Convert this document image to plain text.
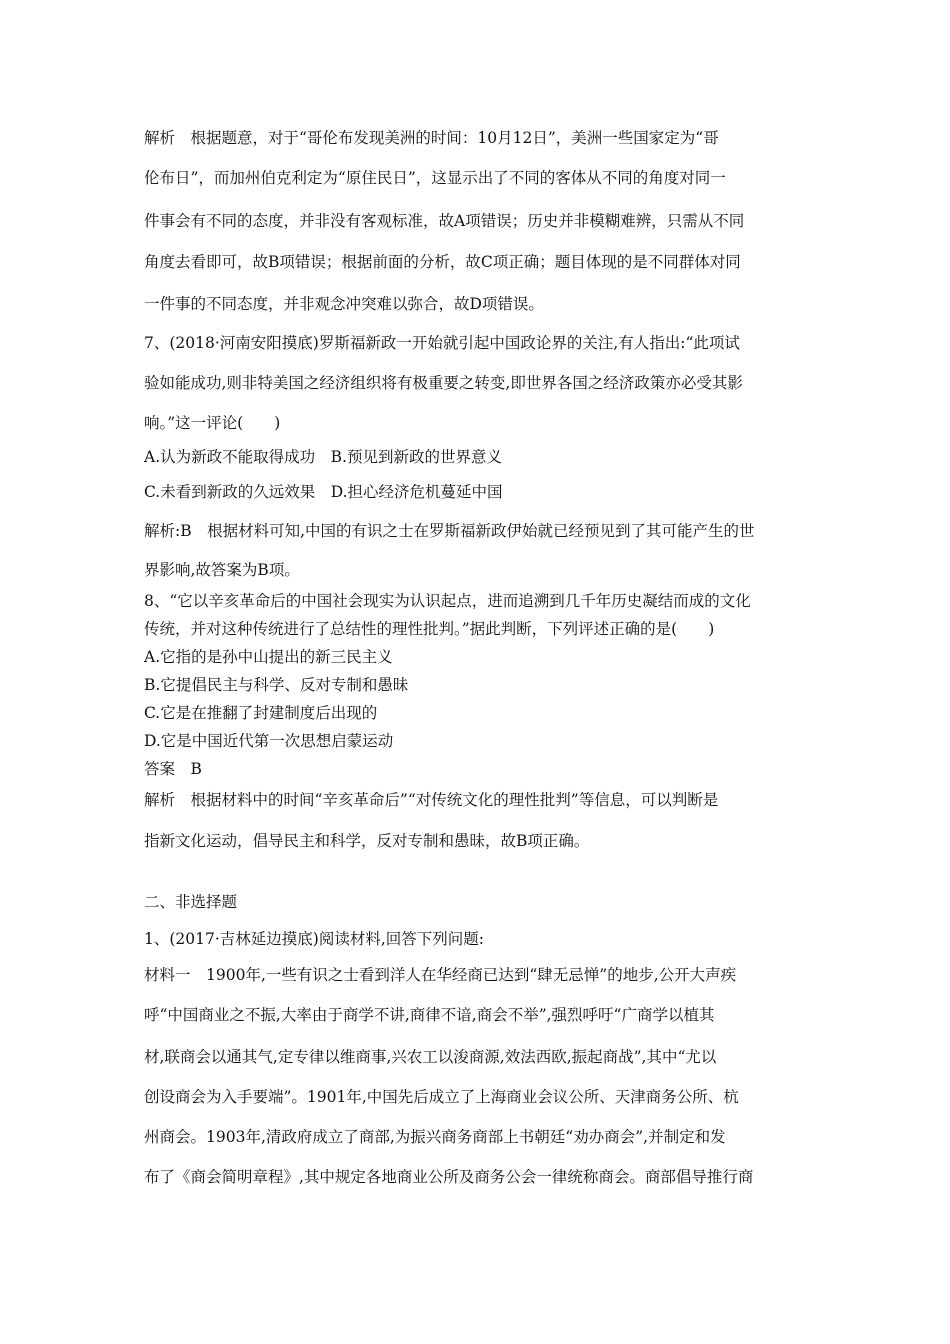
解析　根据题意，对于“哥伦布发现美洲的时间：10月12日”，美洲一些国家定为“哥
伦布日”，而加州伯克利定为“原住民日”，这显示出了不同的客体从不同的角度对同一
件事会有不同的态度，并非没有客观标准，故A项错误；历史并非模糊难辨，只需从不同
角度去看即可，故B项错误；根据前面的分析，故C项正确；题目体现的是不同群体对同
一件事的不同态度，并非观念冲突难以弥合，故D项错误。
7、(2018·河南安阳摸底)罗斯福新政一开始就引起中国政论界的关注,有人指出:“此项试
验如能成功,则非特美国之经济组织将有极重要之转变,即世界各国之经济政策亦必受其影
响。”这一评论(　　)
A.认为新政不能取得成功　B.预见到新政的世界意义
C.未看到新政的久远效果　D.担心经济危机蔓延中国
解析:B　根据材料可知,中国的有识之士在罗斯福新政伊始就已经预见到了其可能产生的世
界影响,故答案为B项。
8、“它以辛亥革命后的中国社会现实为认识起点，进而追溯到几千年历史凝结而成的文化
传统，并对这种传统进行了总结性的理性批判。”据此判断，下列评述正确的是(　　)
A.它指的是孙中山提出的新三民主义
B.它提倡民主与科学、反对专制和愚昧
C.它是在推翻了封建制度后出现的
D.它是中国近代第一次思想启蒙运动
答案　B
解析　根据材料中的时间“辛亥革命后”“对传统文化的理性批判”等信息，可以判断是
指新文化运动，倡导民主和科学，反对专制和愚昧，故B项正确。
二、非选择题
1、(2017·吉林延边摸底)阅读材料,回答下列问题:
材料一　1900年,一些有识之士看到洋人在华经商已达到“肆无忌惮”的地步,公开大声疾
呼“中国商业之不振,大率由于商学不讲,商律不谙,商会不举”,强烈呼吁“广商学以植其
材,联商会以通其气,定专律以维商事,兴农工以浚商源,效法西欧,振起商战”,其中“尤以
创设商会为入手要端”。1901年,中国先后成立了上海商业会议公所、天津商务公所、杭
州商会。1903年,清政府成立了商部,为振兴商务商部上书朝廷“劝办商会”,并制定和发
布了《商会简明章程》,其中规定各地商业公所及商务公会一律统称商会。商部倡导推行商
